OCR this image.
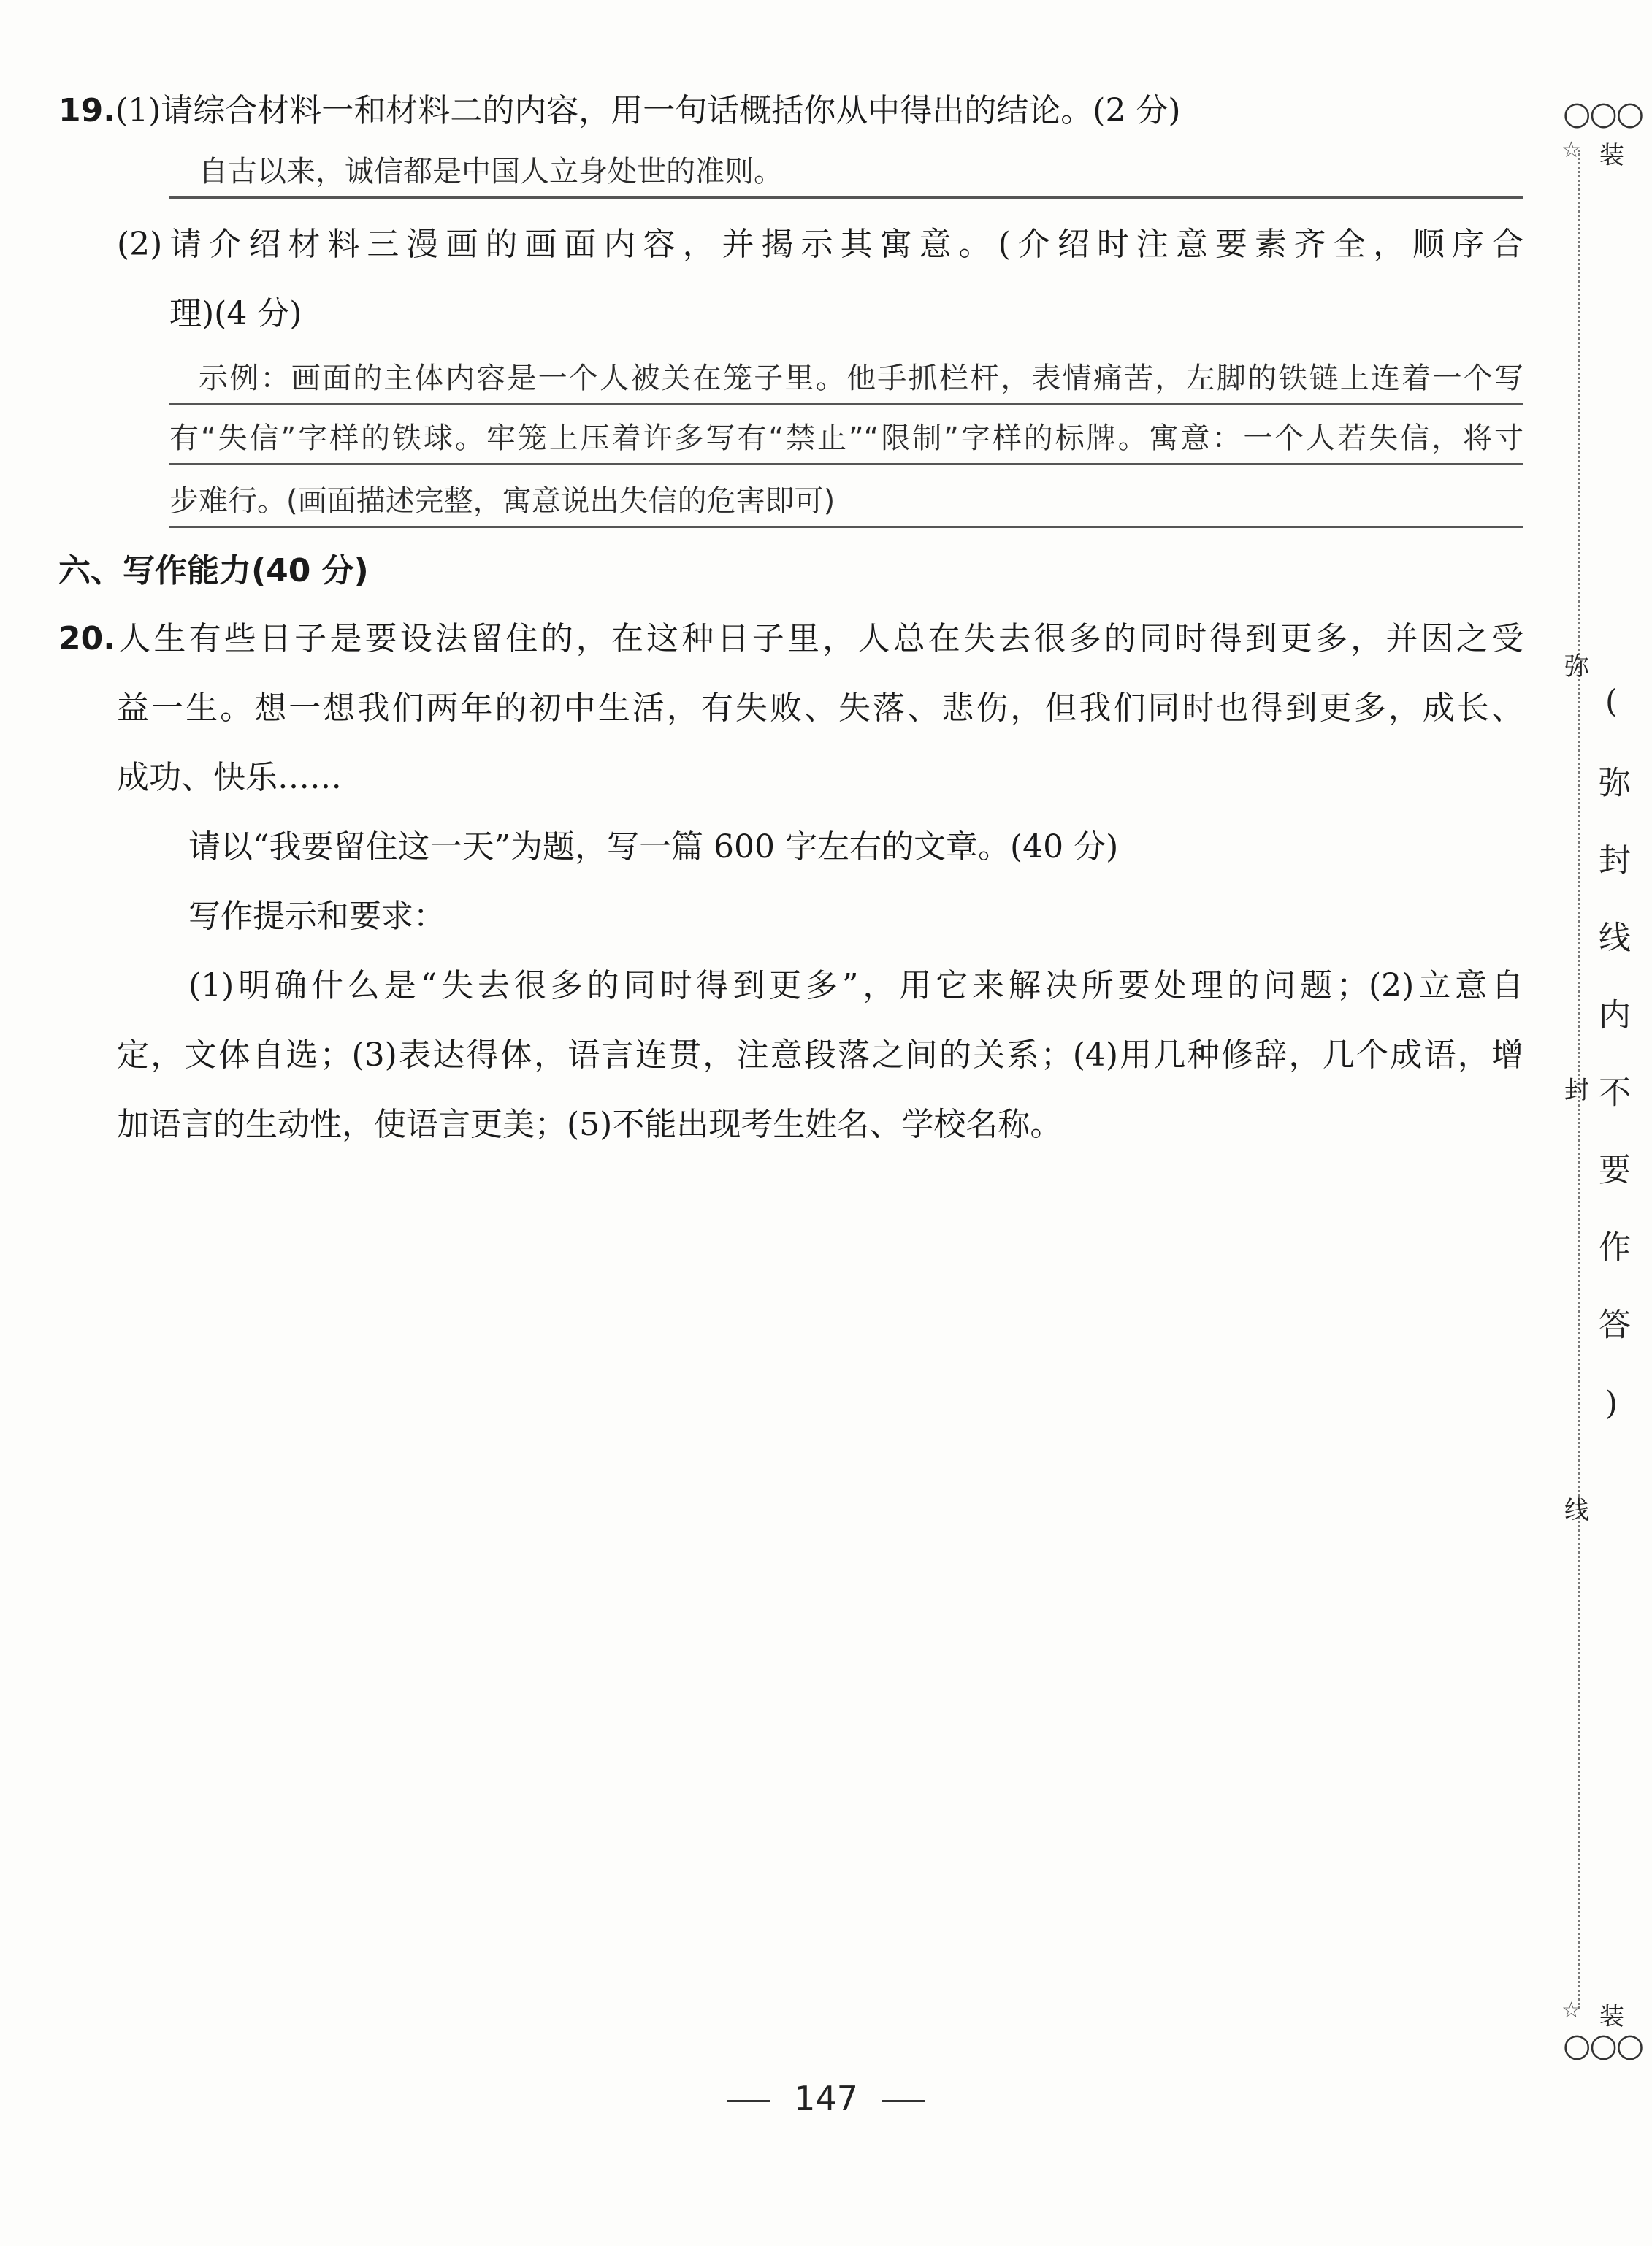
19.(1)请综合材料一和材料二的内容，用一句话概括你从中得出的结论。(2 分)
自古以来，诚信都是中国人立身处世的准则。
(2)请介绍材料三漫画的画面内容，并揭示其寓意。(介绍时注意要素齐全，顺序合
理)(4 分)
示例：画面的主体内容是一个人被关在笼子里。他手抓栏杆，表情痛苦，左脚的铁链上连着一个写
有“失信”字样的铁球。牢笼上压着许多写有“禁止”“限制”字样的标牌。寓意：一个人若失信，将寸
步难行。(画面描述完整，寓意说出失信的危害即可)
六、写作能力(40 分)
20.人生有些日子是要设法留住的，在这种日子里，人总在失去很多的同时得到更多，并因之受
益一生。想一想我们两年的初中生活，有失败、失落、悲伤，但我们同时也得到更多，成长、
成功、快乐……
请以“我要留住这一天”为题，写一篇 600 字左右的文章。(40 分)
写作提示和要求：
(1)明确什么是“失去很多的同时得到更多”，用它来解决所要处理的问题；(2)立意自
定，文体自选；(3)表达得体，语言连贯，注意段落之间的关系；(4)用几种修辞，几个成语，增
加语言的生动性，使语言更美；(5)不能出现考生姓名、学校名称。
○○○
☆ 装
弥
(弥封线内不要作答)
封
线
☆ 装
○○○
147
